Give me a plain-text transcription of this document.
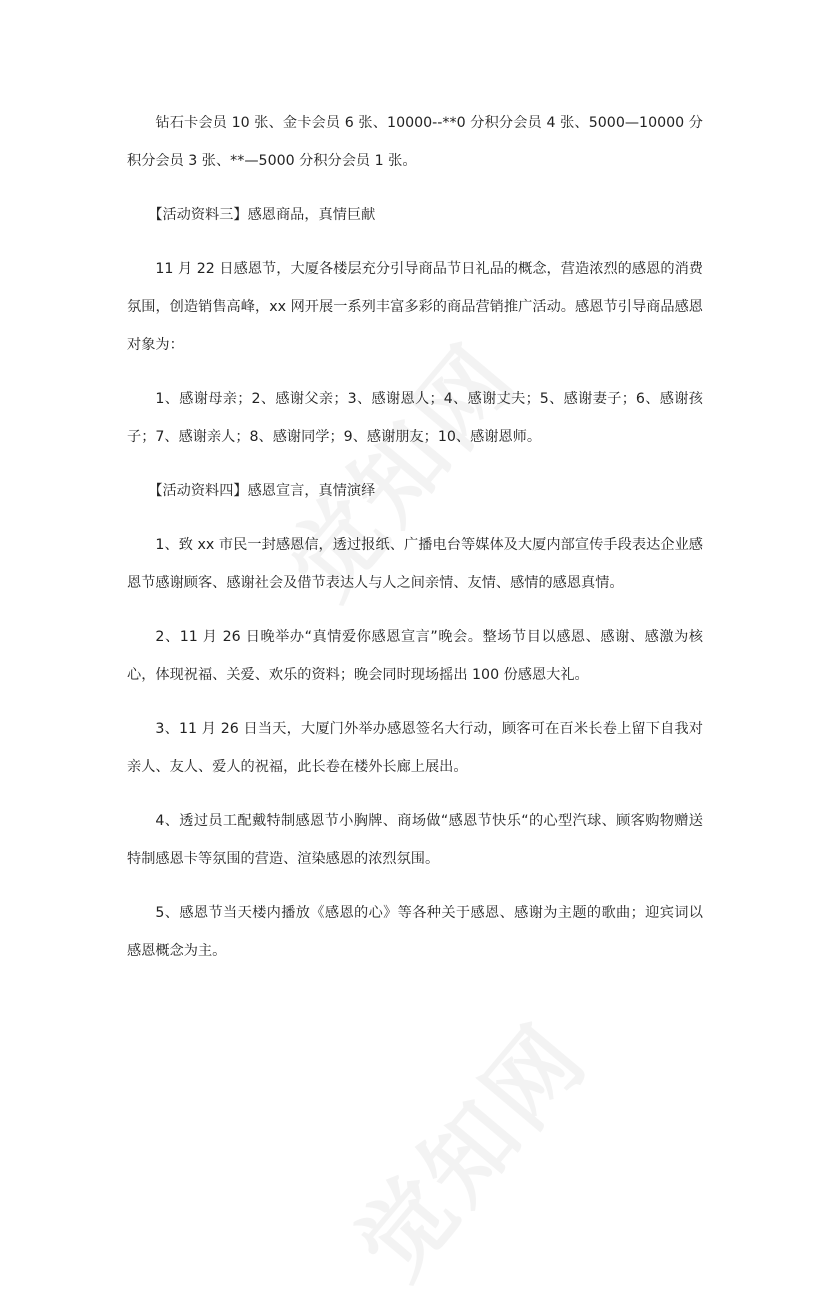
钻石卡会员 10 张、金卡会员 6 张、10000--**0 分积分会员 4 张、5000—10000 分积分会员 3 张、**—5000 分积分会员 1 张。

【活动资料三】感恩商品，真情巨献

11 月 22 日感恩节，大厦各楼层充分引导商品节日礼品的概念，营造浓烈的感恩的消费氛围，创造销售高峰，xx 网开展一系列丰富多彩的商品营销推广活动。感恩节引导商品感恩对象为：

1、感谢母亲；2、感谢父亲；3、感谢恩人；4、感谢丈夫；5、感谢妻子；6、感谢孩子；7、感谢亲人；8、感谢同学；9、感谢朋友；10、感谢恩师。

【活动资料四】感恩宣言，真情演绎

1、致 xx 市民一封感恩信，透过报纸、广播电台等媒体及大厦内部宣传手段表达企业感恩节感谢顾客、感谢社会及借节表达人与人之间亲情、友情、感情的感恩真情。

2、11 月 26 日晚举办“真情爱你感恩宣言”晚会。整场节目以感恩、感谢、感激为核心，体现祝福、关爱、欢乐的资料；晚会同时现场摇出 100 份感恩大礼。

3、11 月 26 日当天，大厦门外举办感恩签名大行动，顾客可在百米长卷上留下自我对亲人、友人、爱人的祝福，此长卷在楼外长廊上展出。

4、透过员工配戴特制感恩节小胸牌、商场做“感恩节快乐“的心型汽球、顾客购物赠送特制感恩卡等氛围的营造、渲染感恩的浓烈氛围。

5、感恩节当天楼内播放《感恩的心》等各种关于感恩、感谢为主题的歌曲；迎宾词以感恩概念为主。
